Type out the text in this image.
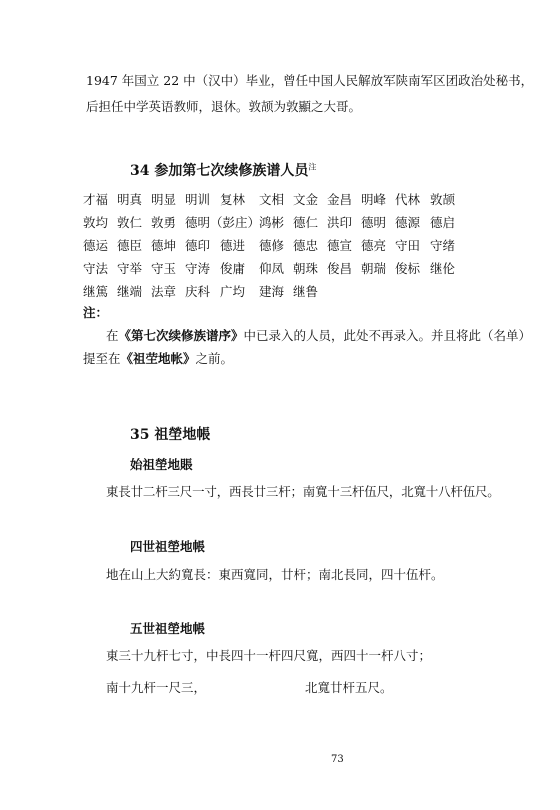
1947 年国立 22 中（汉中）毕业，曾任中国人民解放军陕南军区团政治处秘书，
后担任中学英语教师，退休。敦颉为敦顯之大哥。
34 参加第七次续修族谱人员$^注$
才福 明真 明显 明训 复林 文相 文金 金昌 明峰 代林 敦颉
敦均 敦仁 敦勇 德明（彭庄）
鸿彬 德仁 洪印 德明 德源 德启
德运 德臣 德坤 德印 德进 德修 德忠 德宣 德亮 守田 守绪
守法 守举 守玉 守涛 俊庸 仰凤 朝珠 俊昌 朝瑞 俊标 继伦
继篤 继端 法章 庆科 广均 建海 继鲁
注：
在《第七次续修族谱序》中已录入的人员，此处不再录入。并且将此（名单）
提至在《祖茔地帐》之前。
35 祖塋地帳
始祖塋地賬
東長廿二杆三尺一寸，西長廿三杆；南寬十三杆伍尺，北寬十八杆伍尺。
四世祖塋地帳
地在山上大約寬長：東西寬同，廿杆；南北長同，四十伍杆。
五世祖塋地帳
東三十九杆七寸，中長四十一杆四尺寬，西四十一杆八寸；
南十九杆一尺三，	北寬廿杆五尺。
73
